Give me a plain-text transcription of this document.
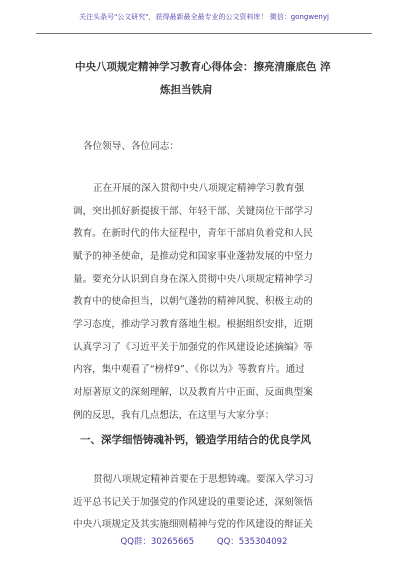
关注头条号"公文研究"，获得最新最全最专业的公文资料库！ 微信：gongwenyj
中央八项规定精神学习教育心得体会：擦亮清廉底色 淬
炼担当铁肩
各位领导、各位同志：
正在开展的深入贯彻中央八项规定精神学习教育强
调，突出抓好新提拔干部、年轻干部、关键岗位干部学习
教育。在新时代的伟大征程中，青年干部肩负着党和人民
赋予的神圣使命，是推动党和国家事业蓬勃发展的中坚力
量。要充分认识到自身在深入贯彻中央八项规定精神学习
教育中的使命担当，以朝气蓬勃的精神风貌、积极主动的
学习态度，推动学习教育落地生根。根据组织安排，近期
认真学习了《习近平关于加强党的作风建设论述摘编》等
内容，集中观看了“榜样9”、《你以为》等教育片。通过
对原著原文的深刻理解，以及教育片中正面、反面典型案
例的反思，我有几点想法，在这里与大家分享：
一、深学细悟铸魂补钙，锻造学用结合的优良学风
贯彻八项规定精神首要在于思想铸魂。要深入学习习
近平总书记关于加强党的作风建设的重要论述，深刻领悟
中央八项规定及其实施细则精神与党的作风建设的辩证关
QQ群：30265665	QQ：535304092
